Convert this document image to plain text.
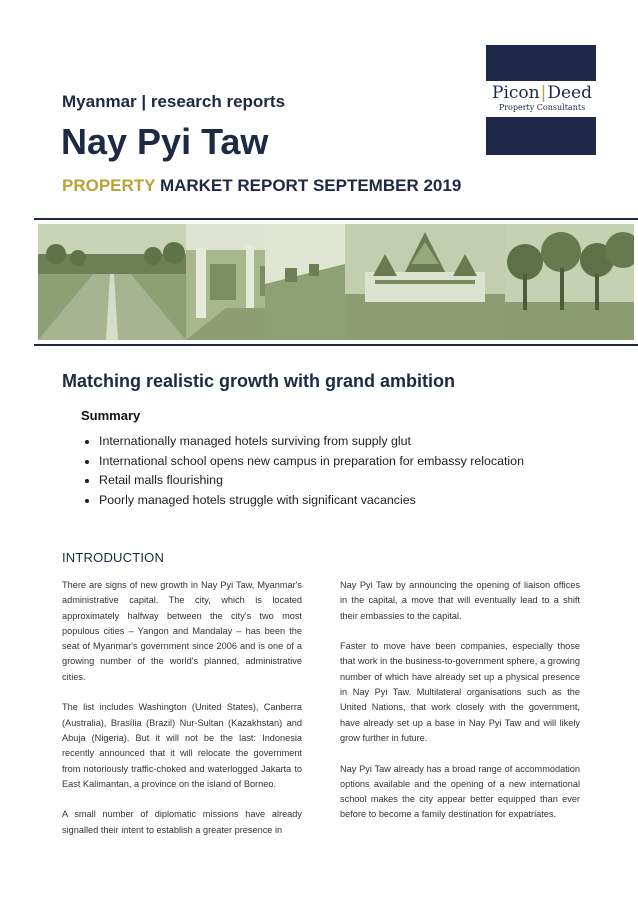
Myanmar | research reports
Nay Pyi Taw
PROPERTY MARKET REPORT SEPTEMBER 2019
Picon|Deed
Property Consultants
Matching realistic growth with grand ambition
Summary
• Internationally managed hotels surviving from supply glut
• International school opens new campus in preparation for embassy relocation
• Retail malls flourishing
• Poorly managed hotels struggle with significant vacancies
INTRODUCTION

There are signs of new growth in Nay Pyi Taw, Myanmar's administrative capital. The city, which is located approximately halfway between the city's two most populous cities – Yangon and Mandalay – has been the seat of Myanmar's government since 2006 and is one of a growing number of the world's planned, administrative cities.

The list includes Washington (United States), Canberra (Australia), Brasília (Brazil) Nur-Sultan (Kazakhstan) and Abuja (Nigeria). But it will not be the last: Indonesia recently announced that it will relocate the government from notoriously traffic-choked and waterlogged Jakarta to East Kalimantan, a province on the island of Borneo.

A small number of diplomatic missions have already signalled their intent to establish a greater presence in

Nay Pyi Taw by announcing the opening of liaison offices in the capital, a move that will eventually lead to a shift their embassies to the capital.

Faster to move have been companies, especially those that work in the business-to-government sphere, a growing number of which have already set up a physical presence in Nay Pyi Taw. Multilateral organisations such as the United Nations, that work closely with the government, have already set up a base in Nay Pyi Taw and will likely grow further in future.

Nay Pyi Taw already has a broad range of accommodation options available and the opening of a new international school makes the city appear better equipped than ever before to become a family destination for expatriates.
